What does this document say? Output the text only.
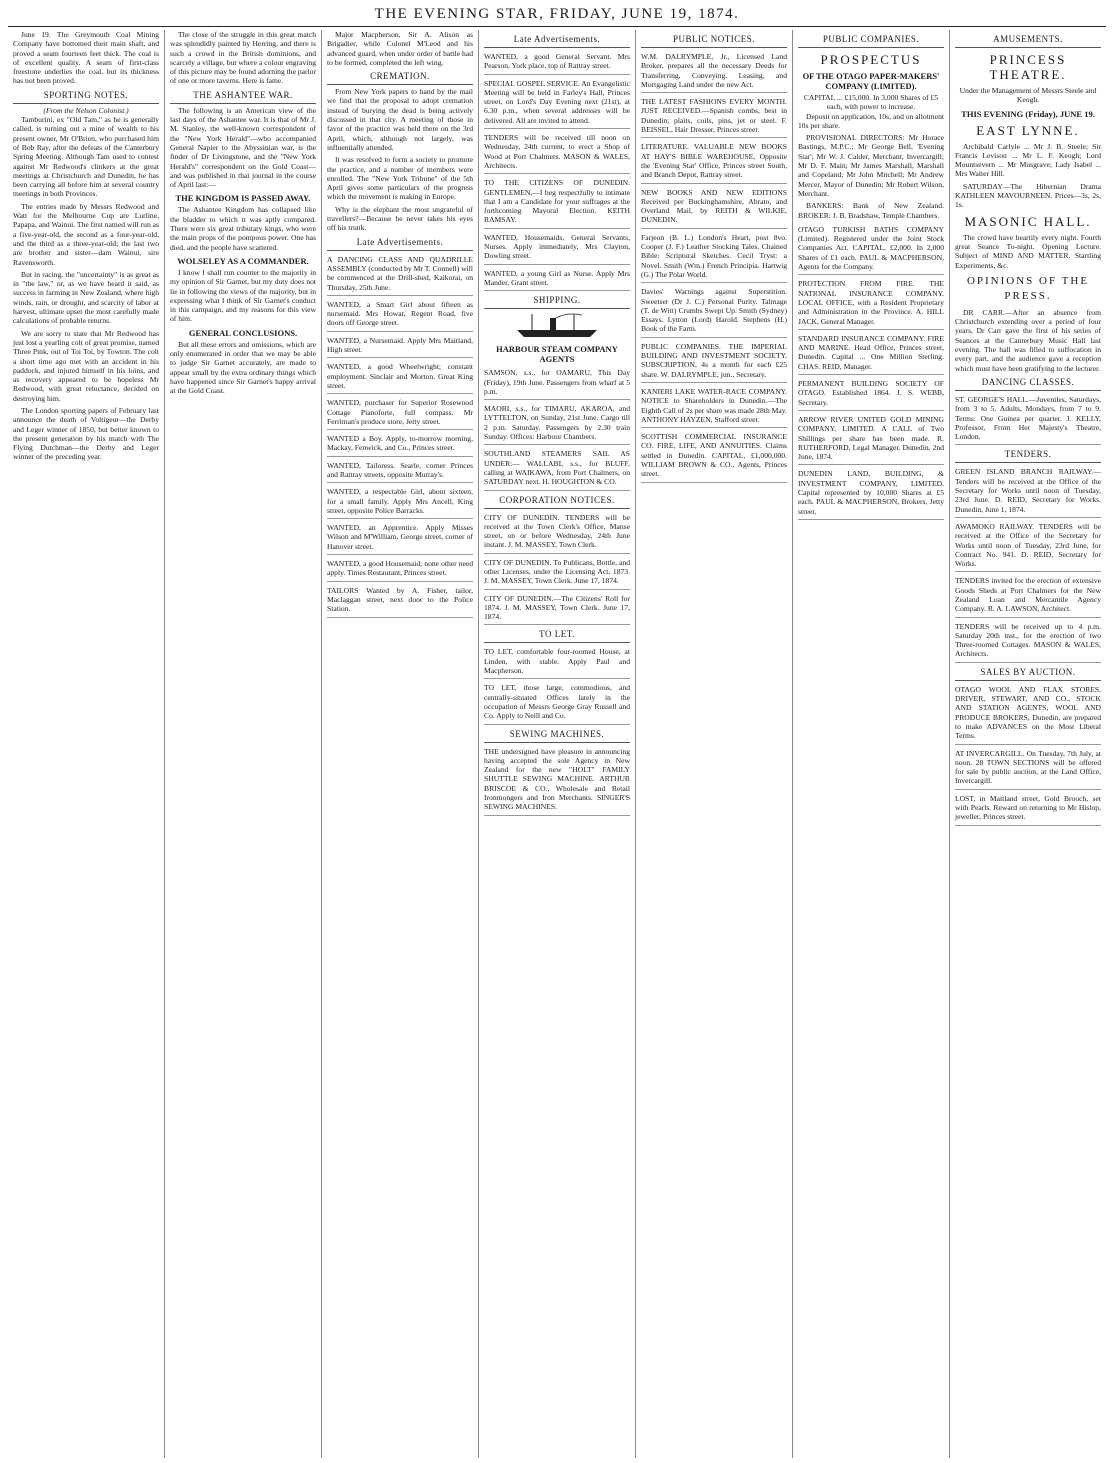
THE EVENING STAR, FRIDAY, JUNE 19, 1874.

June 19. The Greymouth Coal Mining Company have bottomed their main shaft, and proved a seam fourteen feet thick. The coal is of excellent quality. A seam of first-class freestone underlies the coal, but its thickness has not been proved.

SPORTING NOTES.
(From the Nelson Colonist.)

Tamburini, ex "Old Tam," as he is generally called, is turning out a mine of wealth to his present owner, Mr O'Brien, who purchased him of Bob Ray, after the defeats of the Canterbury Spring Meeting. Although Tam used to contest against Mr Redwood's clinkers at the great meetings at Christchurch and Dunedin, he has been carrying all before him at several country meetings in both Provinces.

The entries made by Messrs Redwood and Watt for the Melbourne Cup are Lurline, Papapa, and Wainui. The first named will run as a five-year-old, the second as a four-year-old, and the third as a three-year-old; the last two are brother and sister—dam Wainui, sire Ravensworth.

But in racing, the "uncertainty" is as great as in "the law," or, as we have heard it said, as success in farming in New Zealand, where high winds, rain, or drought, and scarcity of labor at harvest, ultimate upset the most carefully made calculations of probable returns.

We are sorry to state that Mr Redwood has just lost a yearling colt of great promise, named Three Pink, out of Toi Toi, by Towton. The colt a short time ago met with an accident in his paddock, and injured himself in his loins, and as recovery appeared to be hopeless Mr Redwood, with great reluctance, decided on destroying him.

The London sporting papers of February last announce the death of Voltigeur—the Derby and Leger winner of 1850, but better known to the present generation by his match with The Flying Dutchman—the Derby and Leger winner of the preceding year.

The close of the struggle in this great match was splendidly painted by Herring, and there is such a crowd in the British dominions, and scarcely a village, but where a colour engraving of this picture may be found adorning the parlor of one or more taverns. Here is fame.

THE ASHANTEE WAR.

The following is an American view of the last days of the Ashantee war. It is that of Mr J. M. Stanley, the well-known correspondent of the "New York Herald"—who accompanied General Napier to the Abyssinian war, is the finder of Dr Livingstone, and the "New York Herald's" correspondent on the Gold Coast—and was published in that journal in the course of April last:—

THE KINGDOM IS PASSED AWAY.

The Ashantee Kingdom has collapsed like the bladder to which it was aptly compared. There were six great tributary kings, who were the main props of the pompous power. One has died, and the people have scattered.

WOLSELEY AS A COMMANDER.

I know I shall run counter to the majority in my opinion of Sir Garnet, but my duty does not lie in following the views of the majority, but in expressing what I think of Sir Garnet's conduct in this campaign, and my reasons for this view of him.

GENERAL CONCLUSIONS.

But all these errors and omissions, which are only enumerated in order that we may be able to judge Sir Garnet accurately, are made to appear small by the extra ordinary things which have happened since Sir Garnet's happy arrival at the Gold Coast.

Major Macpherson, Sir A. Alison as Brigadier, while Colonel M'Leod and his advanced guard, when under order of battle had to be formed, completed the left wing.

CREMATION.

From New York papers to hand by the mail we find that the proposal to adopt cremation instead of burying the dead is being actively discussed in that city. A meeting of those in favor of the practice was held there on the 3rd April, which, although not largely, was influentially attended.

It was resolved to form a society to promote the practice, and a number of members were enrolled. The "New York Tribune" of the 5th April gives some particulars of the progress which the movement is making in Europe.

Why is the elephant the most ungrateful of travellers?—Because he never takes his eyes off his trunk.

Late Advertisements.
A DANCING CLASS AND QUADRILLE ASSEMBLY (conducted by Mr T. Connell) will be commenced at the Drill-shed, Kaikorai, on Thursday, 25th June.
WANTED, a Smart Girl about fifteen as nursemaid. Mrs Howat, Regent Road, five doors off George street.
WANTED, a Nursemaid. Apply Mrs Maitland, High street.
WANTED, a good Wheelwright; constant employment. Sinclair and Morton, Great King street.
WANTED, purchaser for Superior Rosewood Cottage Pianoforte, full compass. Mr Ferriman's produce store, Jetty street.
WANTED a Boy. Apply, to-morrow morning, Mackay, Fenwick, and Co., Princes street.
WANTED, Tailoress. Searle, corner Princes and Rattray streets, opposite Murray's.
WANTED, a respectable Girl, about sixteen, for a small family. Apply Mrs Ancell, King street, opposite Police Barracks.
WANTED, an Apprentice. Apply Misses Wilson and M'William, George street, corner of Hanover street.
WANTED, a good Housemaid; none other need apply. Times Restaurant, Princes street.
TAILORS Wanted by A. Fisher, tailor, Maclaggan street, next door to the Police Station.
Late Advertisements.
WANTED, a good General Servant. Mrs Pearson, York place, top of Rattray street.
SPECIAL GOSPEL SERVICE. An Evangelistic Meeting will be held in Farley's Hall, Princes street, on Lord's Day Evening next (21st), at 6.30 p.m., when several addresses will be delivered. All are invited to attend.
TENDERS will be received till noon on Wednesday, 24th current, to erect a Shop of Wood at Port Chalmers. MASON & WALES, Architects.
TO THE CITIZENS OF DUNEDIN. GENTLEMEN,—I beg respectfully to intimate that I am a Candidate for your suffrages at the forthcoming Mayoral Election. KEITH RAMSAY.
WANTED, Housemaids, General Servants, Nurses. Apply immediately, Mrs Clayton, Dowling street.
WANTED, a young Girl as Nurse. Apply Mrs Mander, Grant street.
SHIPPING.
HARBOUR STEAM COMPANY AGENTS
SAMSON, s.s., for OAMARU, This Day (Friday), 19th June. Passengers from wharf at 5 p.m.
MAORI, s.s., for TIMARU, AKAROA, and LYTTELTON, on Sunday, 21st June. Cargo till 2 p.m. Saturday. Passengers by 2.30 train Sunday. Offices: Harbour Chambers.
SOUTHLAND STEAMERS SAIL AS UNDER:— WALLABI, s.s., for BLUFF, calling at WAIKAWA, from Port Chalmers, on SATURDAY next. H. HOUGHTON & CO.
CORPORATION NOTICES.
CITY OF DUNEDIN. TENDERS will be received at the Town Clerk's Office, Manse street, on or before Wednesday, 24th June instant. J. M. MASSEY, Town Clerk.
CITY OF DUNEDIN. To Publicans, Bottle, and other Licenses, under the Licensing Act, 1873. J. M. MASSEY, Town Clerk. June 17, 1874.
CITY OF DUNEDIN.—The Citizens' Roll for 1874. J. M. MASSEY, Town Clerk. June 17, 1874.
TO LET.
TO LET, comfortable four-roomed House, at Linden, with stable. Apply Paul and Macpherson.
TO LET, those large, commodious, and centrally-situated Offices lately in the occupation of Messrs George Gray Russell and Co. Apply to Neill and Co.
SEWING MACHINES.
THE undersigned have pleasure in announcing having accepted the sole Agency in New Zealand for the new "HOLT" FAMILY SHUTTLE SEWING MACHINE. ARTHUR BRISCOE & CO., Wholesale and Retail Ironmongers and Iron Merchants. SINGER'S SEWING MACHINES.
PUBLIC NOTICES.
W.M. DALRYMPLE, Jr., Licensed Land Broker, prepares all the necessary Deeds for Transferring, Conveying, Leasing, and Mortgaging Land under the new Act.
THE LATEST FASHIONS EVERY MONTH. JUST RECEIVED.—Spanish combs, best in Dunedin; plaits, coils, pins, jet or steel. F. BEISSEL, Hair Dresser, Princes street.
LITERATURE. VALUABLE NEW BOOKS AT HAY'S BIBLE WAREHOUSE, Opposite the 'Evening Star' Office, Princes street South, and Branch Depot, Rattray street.
NEW BOOKS AND NEW EDITIONS Received per Buckinghamshire, Abrato, and Overland Mail, by REITH & WILKIE, DUNEDIN.
Farjeon (B. L.) London's Heart, post 8vo. Cooper (J. F.) Leather Stocking Tales. Chained Bible: Scriptural Sketches. Cecil Tryst: a Novel. Smith (Wm.) French Principia. Hartwig (G.) The Polar World.
Davies' Warnings against Superstition. Sweetser (Dr J. C.) Personal Purity. Talmage (T. de Witt) Crumbs Swept Up. Smith (Sydney) Essays. Lytton (Lord) Harold. Stephens (H.) Book of the Farm.
PUBLIC COMPANIES. THE IMPERIAL BUILDING AND INVESTMENT SOCIETY. SUBSCRIPTION, 4s a month for each £25 share. W. DALRYMPLE, jun., Secretary.
KANIERI LAKE WATER-RACE COMPANY. NOTICE to Shareholders in Dunedin.—The Eighth Call of 2s per share was made 28th May. ANTHONY HAYZEN, Stafford street.
SCOTTISH COMMERCIAL INSURANCE CO. FIRE, LIFE, AND ANNUITIES. Claims settled in Dunedin. CAPITAL, £1,000,000. WILLIAM BROWN & CO., Agents, Princes street.
PUBLIC COMPANIES.
PROSPECTUS
OF THE OTAGO PAPER-MAKERS' COMPANY (LIMITED).
CAPITAL ... £15,000. In 3,000 Shares of £5 each, with power to increase.

Deposit on application, 10s, and on allotment 10s per share.

PROVISIONAL DIRECTORS: Mr Horace Bastings, M.P.C.; Mr George Bell, 'Evening Star'; Mr W. J. Calder, Merchant, Invercargill; Mr D. F. Main; Mr James Marshall, Marshall and Copeland; Mr John Mitchell; Mr Andrew Mercer, Mayor of Dunedin; Mr Robert Wilson, Merchant.

BANKERS: Bank of New Zealand. BROKER: J. B. Bradshaw, Temple Chambers.

OTAGO TURKISH BATHS COMPANY (Limited). Registered under the Joint Stock Companies Act. CAPITAL, £2,000. In 2,000 Shares of £1 each. PAUL & MACPHERSON, Agents for the Company.
PROTECTION FROM FIRE. THE NATIONAL INSURANCE COMPANY. LOCAL OFFICE, with a Resident Proprietary and Administration in the Province. A. HILL JACK, General Manager.
STANDARD INSURANCE COMPANY. FIRE AND MARINE. Head Office, Princes street, Dunedin. Capital ... One Million Sterling. CHAS. REID, Manager.
PERMANENT BUILDING SOCIETY OF OTAGO. Established 1864. J. S. WEBB, Secretary.
ARROW RIVER UNITED GOLD MINING COMPANY, LIMITED. A CALL of Two Shillings per share has been made. R. RUTHERFORD, Legal Manager. Dunedin, 2nd June, 1874.
DUNEDIN LAND, BUILDING, & INVESTMENT COMPANY, LIMITED. Capital represented by 10,000 Shares at £5 each. PAUL & MACPHERSON, Brokers, Jetty street.
AMUSEMENTS.
PRINCESS THEATRE.
Under the Management of Messrs Steele and Keogh.
THIS EVENING (Friday), JUNE 19.
EAST LYNNE.

Archibald Carlyle ... Mr J. B. Steele; Sir Francis Levison ... Mr L. F. Keogh; Lord Mountsevern ... Mr Musgrave; Lady Isabel ... Mrs Walter Hill.

SATURDAY—The Hibernian Drama KATHLEEN MAVOURNEEN. Prices—3s, 2s, 1s.

MASONIC HALL.

The crowd have heartily every night. Fourth great Seance To-night. Opening Lecture. Subject of MIND AND MATTER. Startling Experiments, &c.

OPINIONS OF THE PRESS.

DR CARR.—After an absence from Christchurch extending over a period of four years, Dr Carr gave the first of his series of Seances at the Canterbury Music Hall last evening. The hall was filled to suffocation in every part, and the audience gave a reception which must have been gratifying to the lecturer.

DANCING CLASSES.
ST. GEORGE'S HALL.—Juveniles, Saturdays, from 3 to 5. Adults, Mondays, from 7 to 9. Terms: One Guinea per quarter. J. KELLY, Professor, From Her Majesty's Theatre, London.
TENDERS.
GREEN ISLAND BRANCH RAILWAY.—Tenders will be received at the Office of the Secretary for Works until noon of Tuesday, 23rd June. D. REID, Secretary for Works. Dunedin, June 1, 1874.
AWAMOKO RAILWAY. TENDERS will be received at the Office of the Secretary for Works until noon of Tuesday, 23rd June, for Contract No. 941. D. REID, Secretary for Works.
TENDERS invited for the erection of extensive Goods Sheds at Port Chalmers for the New Zealand Loan and Mercantile Agency Company. R. A. LAWSON, Architect.
TENDERS will be received up to 4 p.m. Saturday 20th inst., for the erection of two Three-roomed Cottages. MASON & WALES, Architects.
SALES BY AUCTION.
OTAGO WOOL AND FLAX STORES. DRIVER, STEWART, AND CO., STOCK AND STATION AGENTS, WOOL AND PRODUCE BROKERS, Dunedin, are prepared to make ADVANCES on the Most Liberal Terms.
AT INVERCARGILL. On Tuesday, 7th July, at noon. 28 TOWN SECTIONS will be offered for sale by public auction, at the Land Office, Invercargill.
LOST, in Maitland street, Gold Brooch, set with Pearls. Reward on returning to Mr Hislop, jeweller, Princes street.
